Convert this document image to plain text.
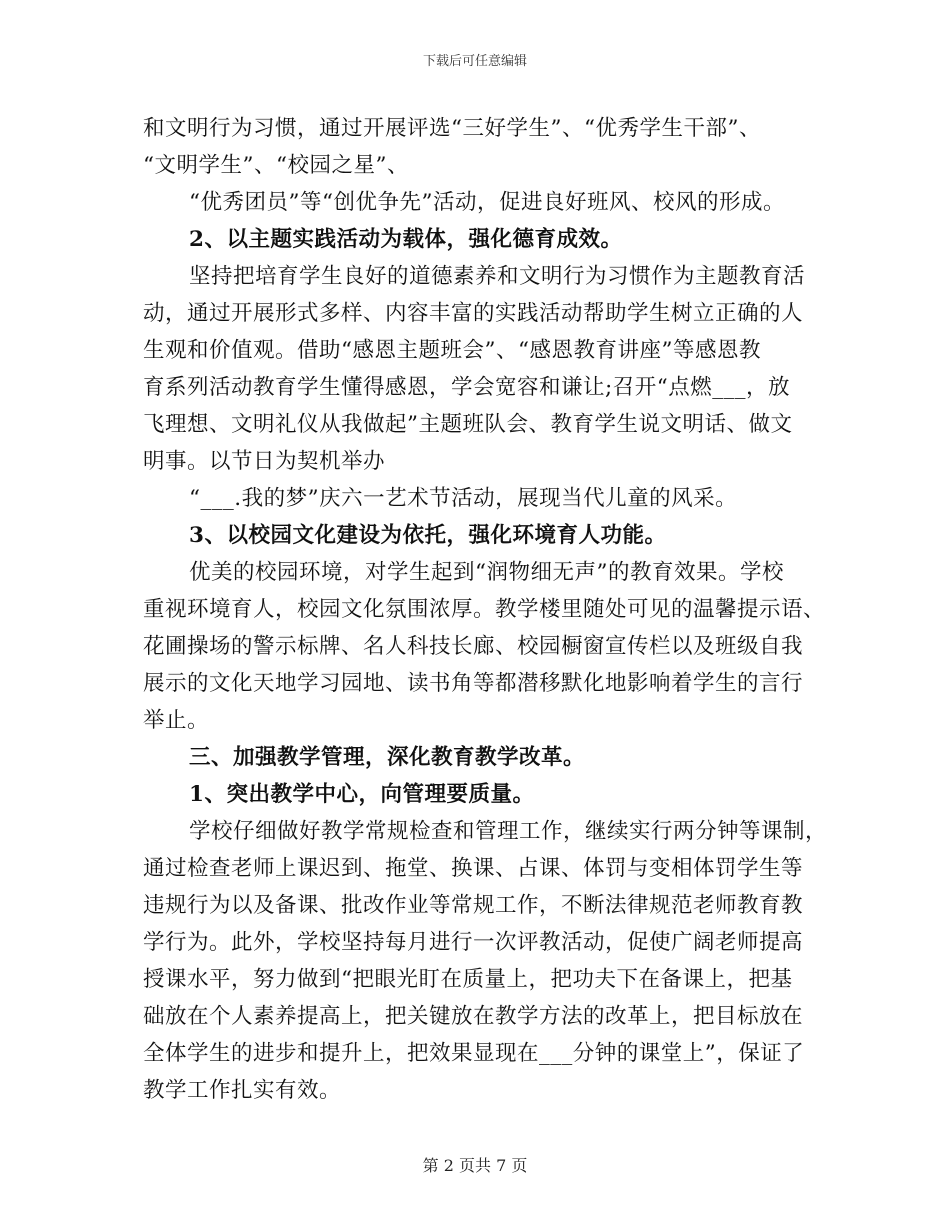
下载后可任意编辑
和文明行为习惯，通过开展评选“三好学生”、“优秀学生干部”、
“文明学生”、“校园之星”、
“优秀团员”等“创优争先”活动，促进良好班风、校风的形成。
2、以主题实践活动为载体，强化德育成效。
坚持把培育学生良好的道德素养和文明行为习惯作为主题教育活
动，通过开展形式多样、内容丰富的实践活动帮助学生树立正确的人
生观和价值观。借助“感恩主题班会”、“感恩教育讲座”等感恩教
育系列活动教育学生懂得感恩，学会宽容和谦让;召开“点燃___，放
飞理想、文明礼仪从我做起”主题班队会、教育学生说文明话、做文
明事。以节日为契机举办
“___.我的梦”庆六一艺术节活动，展现当代儿童的风采。
3、以校园文化建设为依托，强化环境育人功能。
优美的校园环境，对学生起到“润物细无声”的教育效果。学校
重视环境育人，校园文化氛围浓厚。教学楼里随处可见的温馨提示语、
花圃操场的警示标牌、名人科技长廊、校园橱窗宣传栏以及班级自我
展示的文化天地学习园地、读书角等都潜移默化地影响着学生的言行
举止。
三、加强教学管理，深化教育教学改革。
1、突出教学中心，向管理要质量。
学校仔细做好教学常规检查和管理工作，继续实行两分钟等课制，
通过检查老师上课迟到、拖堂、换课、占课、体罚与变相体罚学生等
违规行为以及备课、批改作业等常规工作，不断法律规范老师教育教
学行为。此外，学校坚持每月进行一次评教活动，促使广阔老师提高
授课水平，努力做到“把眼光盯在质量上，把功夫下在备课上，把基
础放在个人素养提高上，把关键放在教学方法的改革上，把目标放在
全体学生的进步和提升上，把效果显现在___分钟的课堂上”，保证了
教学工作扎实有效。
第 2 页共 7 页
